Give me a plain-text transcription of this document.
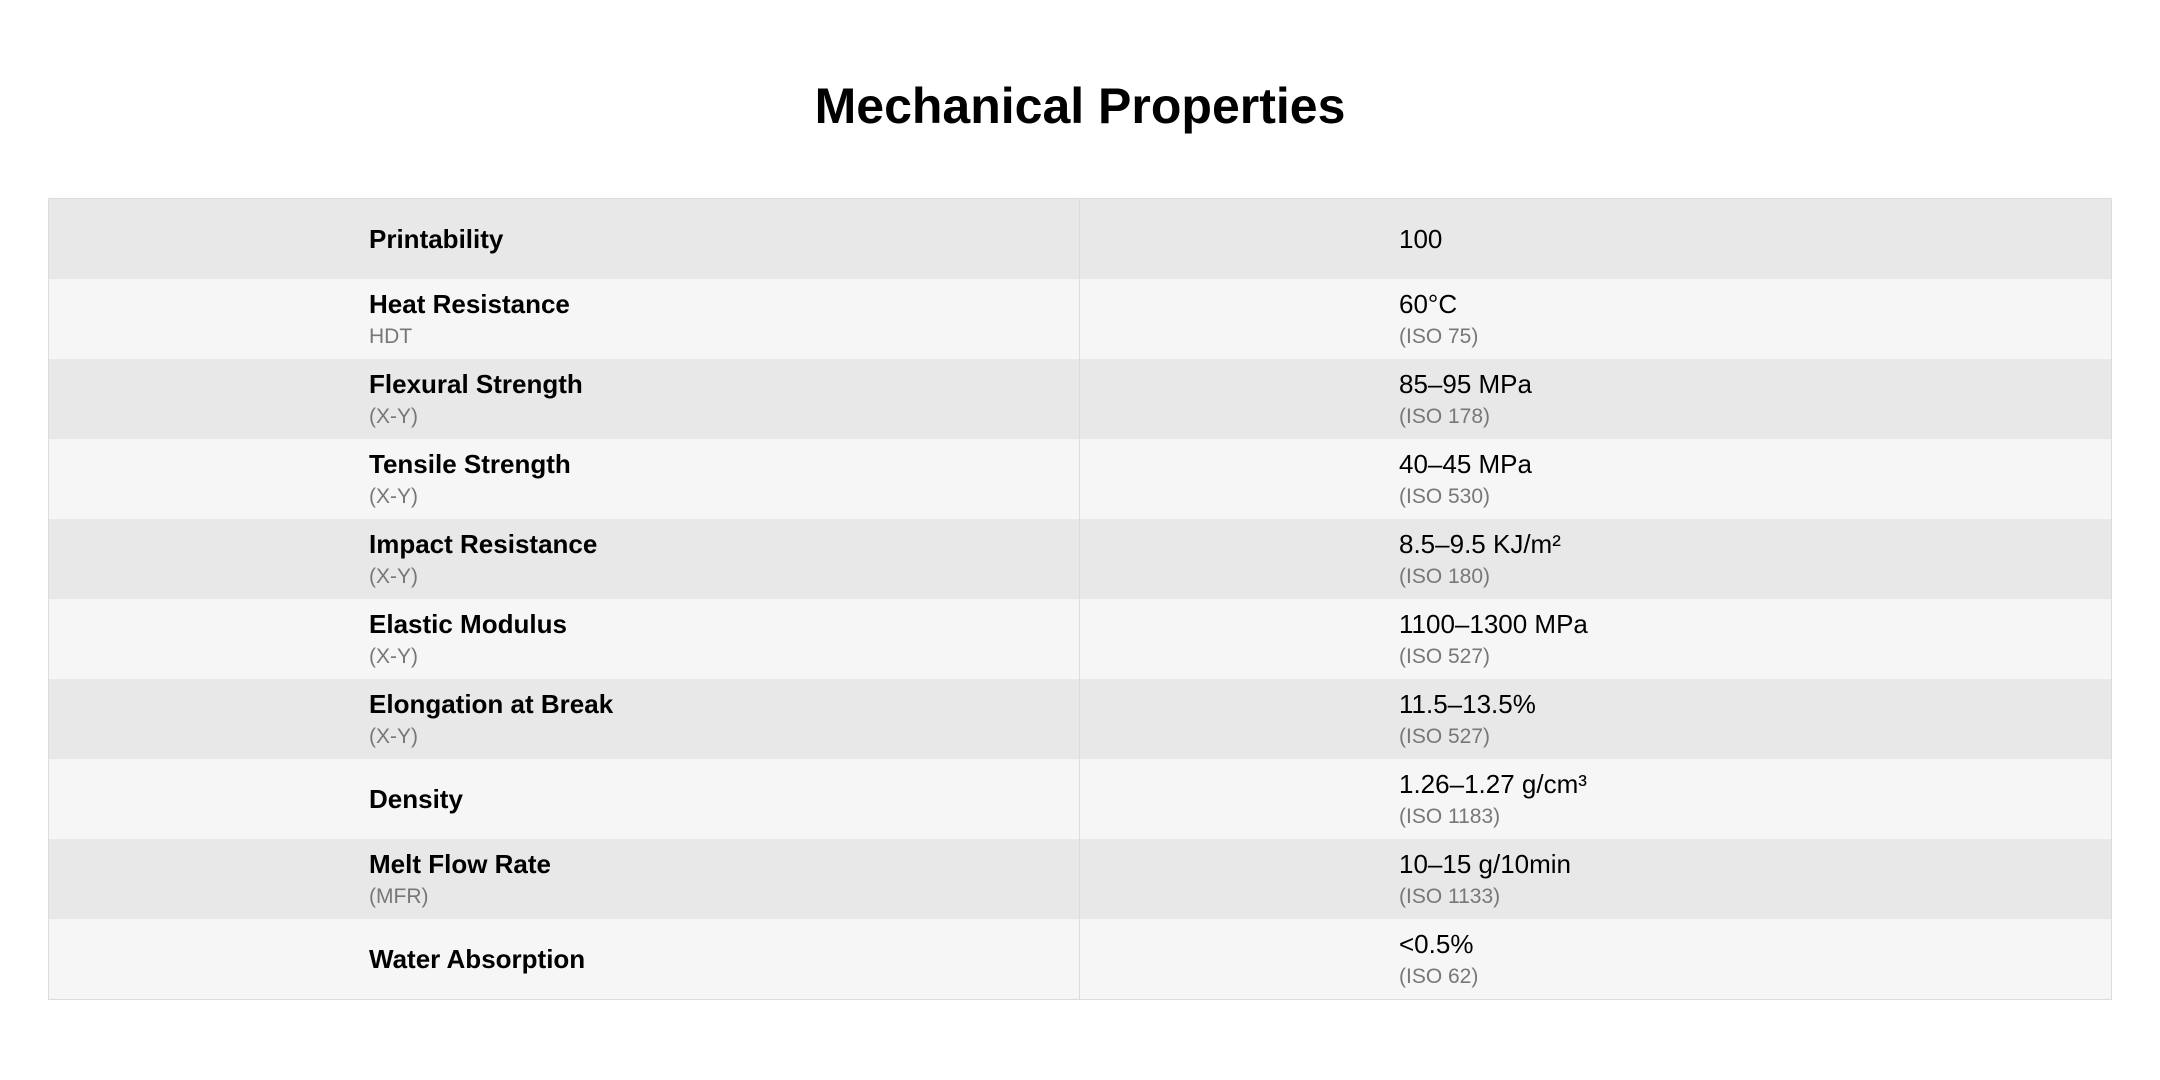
Mechanical Properties
Printability	100
Heat Resistance
HDT
60°C
(ISO 75)
Flexural Strength
(X-Y)
85–95 MPa
(ISO 178)
Tensile Strength
(X-Y)
40–45 MPa
(ISO 530)
Impact Resistance
(X-Y)
8.5–9.5 KJ/m²
(ISO 180)
Elastic Modulus
(X-Y)
1100–1300 MPa
(ISO 527)
Elongation at Break
(X-Y)
11.5–13.5%
(ISO 527)
Density
1.26–1.27 g/cm³
(ISO 1183)
Melt Flow Rate
(MFR)
10–15 g/10min
(ISO 1133)
Water Absorption
<0.5%
(ISO 62)
